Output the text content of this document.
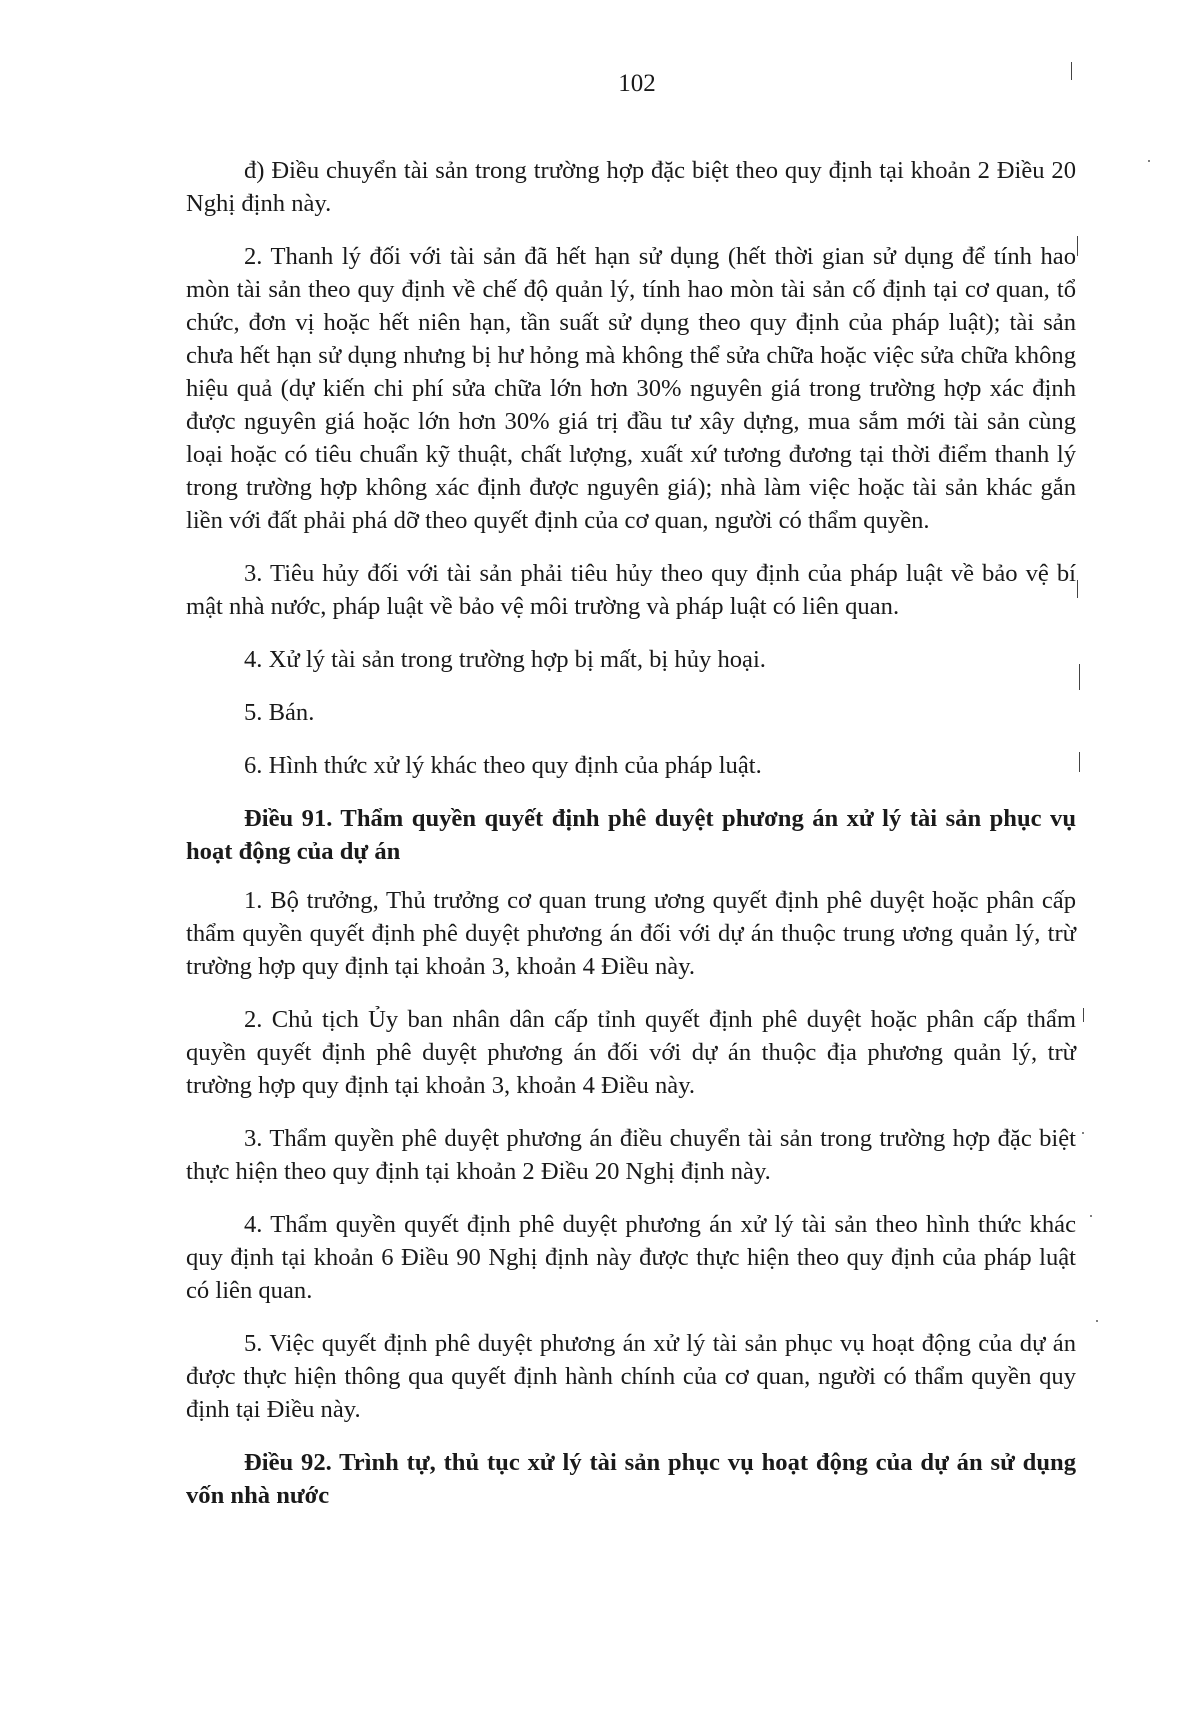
102

đ) Điều chuyển tài sản trong trường hợp đặc biệt theo quy định tại khoản 2 Điều 20 Nghị định này.

2. Thanh lý đối với tài sản đã hết hạn sử dụng (hết thời gian sử dụng để tính hao mòn tài sản theo quy định về chế độ quản lý, tính hao mòn tài sản cố định tại cơ quan, tổ chức, đơn vị hoặc hết niên hạn, tần suất sử dụng theo quy định của pháp luật); tài sản chưa hết hạn sử dụng nhưng bị hư hỏng mà không thể sửa chữa hoặc việc sửa chữa không hiệu quả (dự kiến chi phí sửa chữa lớn hơn 30% nguyên giá trong trường hợp xác định được nguyên giá hoặc lớn hơn 30% giá trị đầu tư xây dựng, mua sắm mới tài sản cùng loại hoặc có tiêu chuẩn kỹ thuật, chất lượng, xuất xứ tương đương tại thời điểm thanh lý trong trường hợp không xác định được nguyên giá); nhà làm việc hoặc tài sản khác gắn liền với đất phải phá dỡ theo quyết định của cơ quan, người có thẩm quyền.

3. Tiêu hủy đối với tài sản phải tiêu hủy theo quy định của pháp luật về bảo vệ bí mật nhà nước, pháp luật về bảo vệ môi trường và pháp luật có liên quan.

4. Xử lý tài sản trong trường hợp bị mất, bị hủy hoại.

5. Bán.

6. Hình thức xử lý khác theo quy định của pháp luật.

Điều 91. Thẩm quyền quyết định phê duyệt phương án xử lý tài sản phục vụ hoạt động của dự án

1. Bộ trưởng, Thủ trưởng cơ quan trung ương quyết định phê duyệt hoặc phân cấp thẩm quyền quyết định phê duyệt phương án đối với dự án thuộc trung ương quản lý, trừ trường hợp quy định tại khoản 3, khoản 4 Điều này.

2. Chủ tịch Ủy ban nhân dân cấp tỉnh quyết định phê duyệt hoặc phân cấp thẩm quyền quyết định phê duyệt phương án đối với dự án thuộc địa phương quản lý, trừ trường hợp quy định tại khoản 3, khoản 4 Điều này.

3. Thẩm quyền phê duyệt phương án điều chuyển tài sản trong trường hợp đặc biệt thực hiện theo quy định tại khoản 2 Điều 20 Nghị định này.

4. Thẩm quyền quyết định phê duyệt phương án xử lý tài sản theo hình thức khác quy định tại khoản 6 Điều 90 Nghị định này được thực hiện theo quy định của pháp luật có liên quan.

5. Việc quyết định phê duyệt phương án xử lý tài sản phục vụ hoạt động của dự án được thực hiện thông qua quyết định hành chính của cơ quan, người có thẩm quyền quy định tại Điều này.

Điều 92. Trình tự, thủ tục xử lý tài sản phục vụ hoạt động của dự án sử dụng vốn nhà nước
